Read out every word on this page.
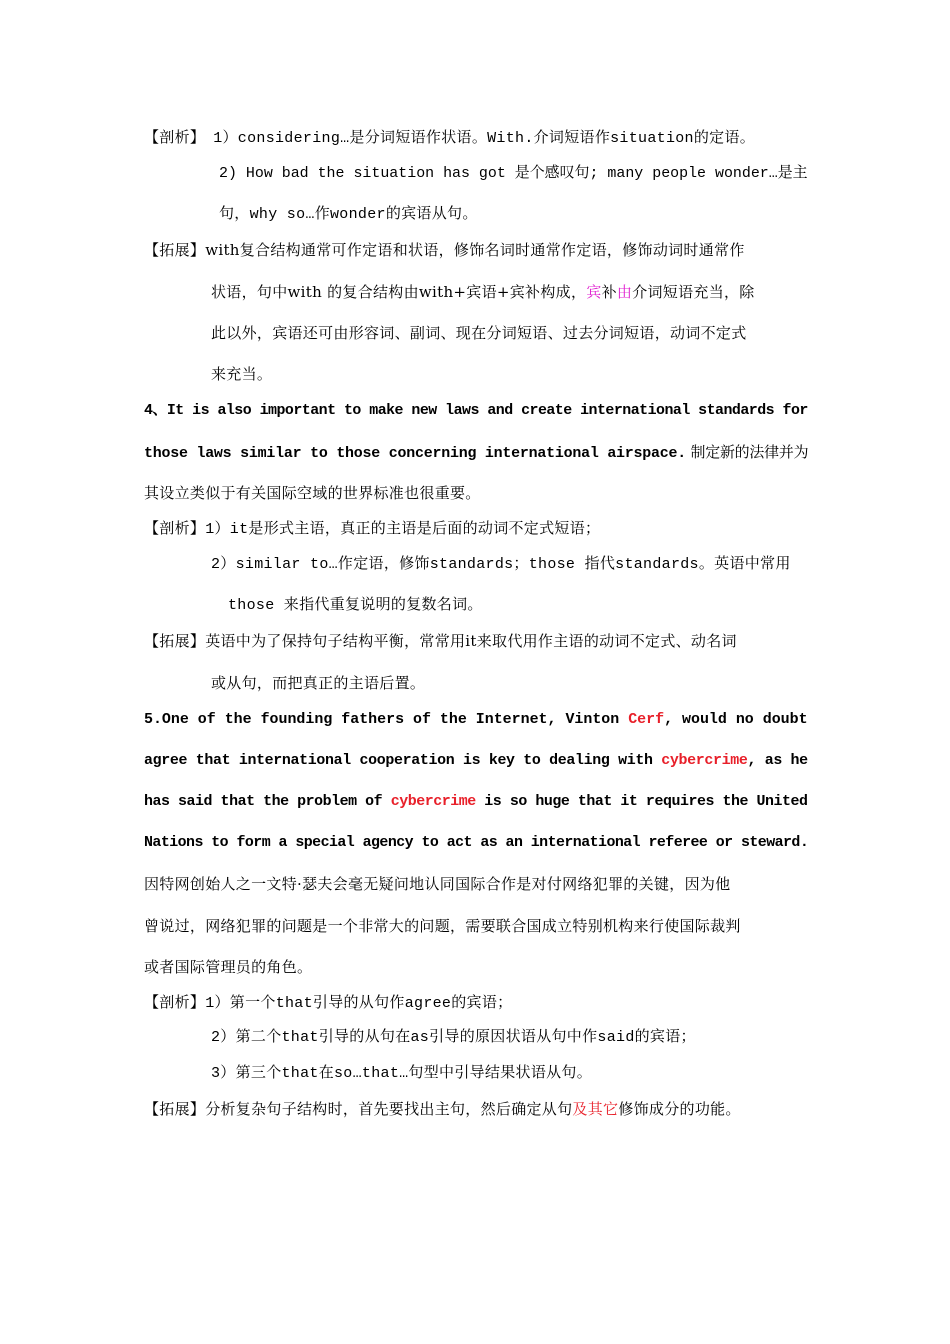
【剖析】 1）considering…是分词短语作状语。With.介词短语作situation的定语。
2) How bad the situation has got 是个感叹句; many people wonder…是主
句，why so…作wonder的宾语从句。
【拓展】with复合结构通常可作定语和状语，修饰名词时通常作定语，修饰动词时通常作
状语，句中with 的复合结构由with+宾语+宾补构成，宾补由介词短语充当，除
此以外，宾语还可由形容词、副词、现在分词短语、过去分词短语，动词不定式
来充当。
4、It is also important to make new laws and create international standards for
those laws similar to those concerning international airspace. 制定新的法律并为
其设立类似于有关国际空域的世界标准也很重要。
【剖析】1）it是形式主语，真正的主语是后面的动词不定式短语；
2）similar to…作定语，修饰standards；those 指代standards。英语中常用
those 来指代重复说明的复数名词。
【拓展】英语中为了保持句子结构平衡，常常用it来取代用作主语的动词不定式、动名词
或从句，而把真正的主语后置。
5.One of the founding fathers of the Internet, Vinton Cerf, would no doubt
agree that international cooperation is key to dealing with cybercrime, as he
has said that the problem of cybercrime is so huge that it requires the United
Nations to form a special agency to act as an international referee or steward.
因特网创始人之一文特·瑟夫会毫无疑问地认同国际合作是对付网络犯罪的关键，因为他
曾说过，网络犯罪的问题是一个非常大的问题，需要联合国成立特别机构来行使国际裁判
或者国际管理员的角色。
【剖析】1）第一个that引导的从句作agree的宾语；
2）第二个that引导的从句在as引导的原因状语从句中作said的宾语；
3）第三个that在so…that…句型中引导结果状语从句。
【拓展】分析复杂句子结构时，首先要找出主句，然后确定从句及其它修饰成分的功能。
